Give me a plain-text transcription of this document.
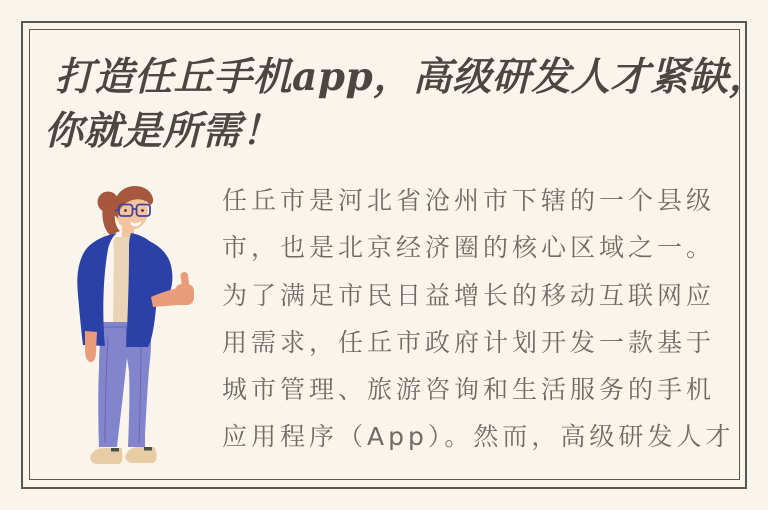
打造任丘手机app，高级研发人才紧缺，
你就是所需！
任丘市是河北省沧州市下辖的一个县级
市，也是北京经济圈的核心区域之一。
为了满足市民日益增长的移动互联网应
用需求，任丘市政府计划开发一款基于
城市管理、旅游咨询和生活服务的手机
应用程序（App）。然而，高级研发人才
